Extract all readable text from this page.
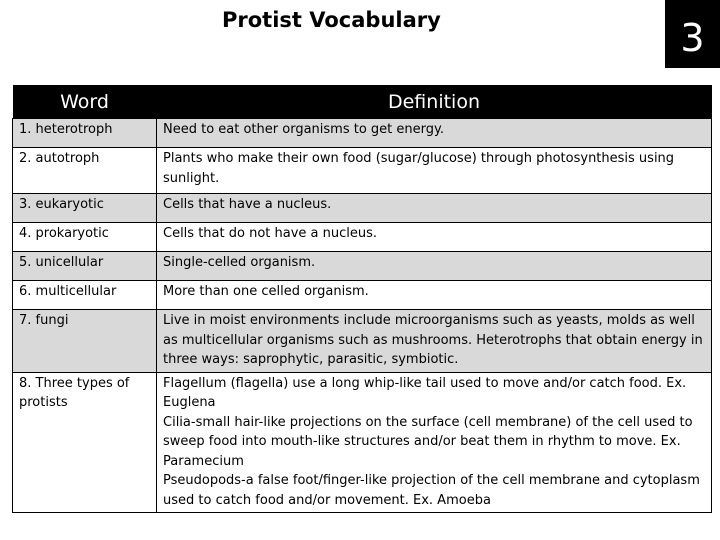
Protist Vocabulary	3
Word	Definition
1. heterotroph	Need to eat other organisms to get energy.

2. autotroph	Plants who make their own food (sugar/glucose) through photosynthesis using sunlight.

3. eukaryotic	Cells that have a nucleus.

4. prokaryotic	Cells that do not have a nucleus.

5. unicellular	Single-celled organism.

6. multicellular	More than one celled organism.

7. fungi	Live in moist environments include microorganisms such as yeasts, molds as well as multicellular organisms such as mushrooms. Heterotrophs that obtain energy in three ways: saprophytic, parasitic, symbiotic.

8. Three types of protists	Flagellum (flagella) use a long whip-like tail used to move and/or catch food. Ex. Euglena
Cilia-small hair-like projections on the surface (cell membrane) of the cell used to sweep food into mouth-like structures and/or beat them in rhythm to move. Ex. Paramecium
Pseudopods-a false foot/finger-like projection of the cell membrane and cytoplasm used to catch food and/or movement. Ex. Amoeba
